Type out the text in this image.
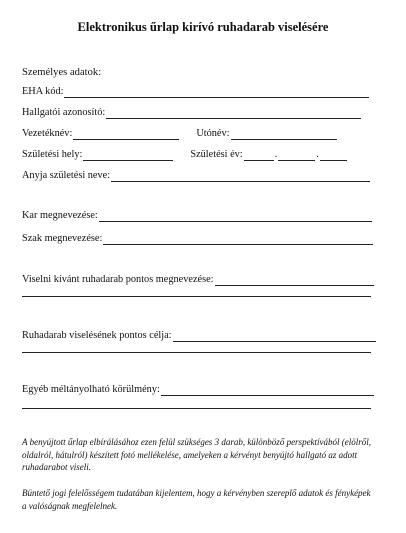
Elektronikus űrlap kirívó ruhadarab viselésére
Személyes adatok:
EHA kód:
Hallgatói azonosító:
Vezetéknév:	Utónév:
Születési hely:	Születési év:	.	.
Anyja születési neve:
Kar megnevezése:
Szak megnevezése:
Viselni kívánt ruhadarab pontos megnevezése:
Ruhadarab viselésének pontos célja:
Egyéb méltányolható körülmény:
A benyújtott űrlap elbírálásához ezen felül szükséges 3 darab, különböző perspektívából (elölről, oldalról, hátulról) készített fotó mellékelése, amelyeken a kérvényt benyújtó hallgató az adott ruhadarabot viseli.
Büntető jogi felelősségem tudatában kijelentem, hogy a kérvényben szereplő adatok és fényképek a valóságnak megfelelnek.
